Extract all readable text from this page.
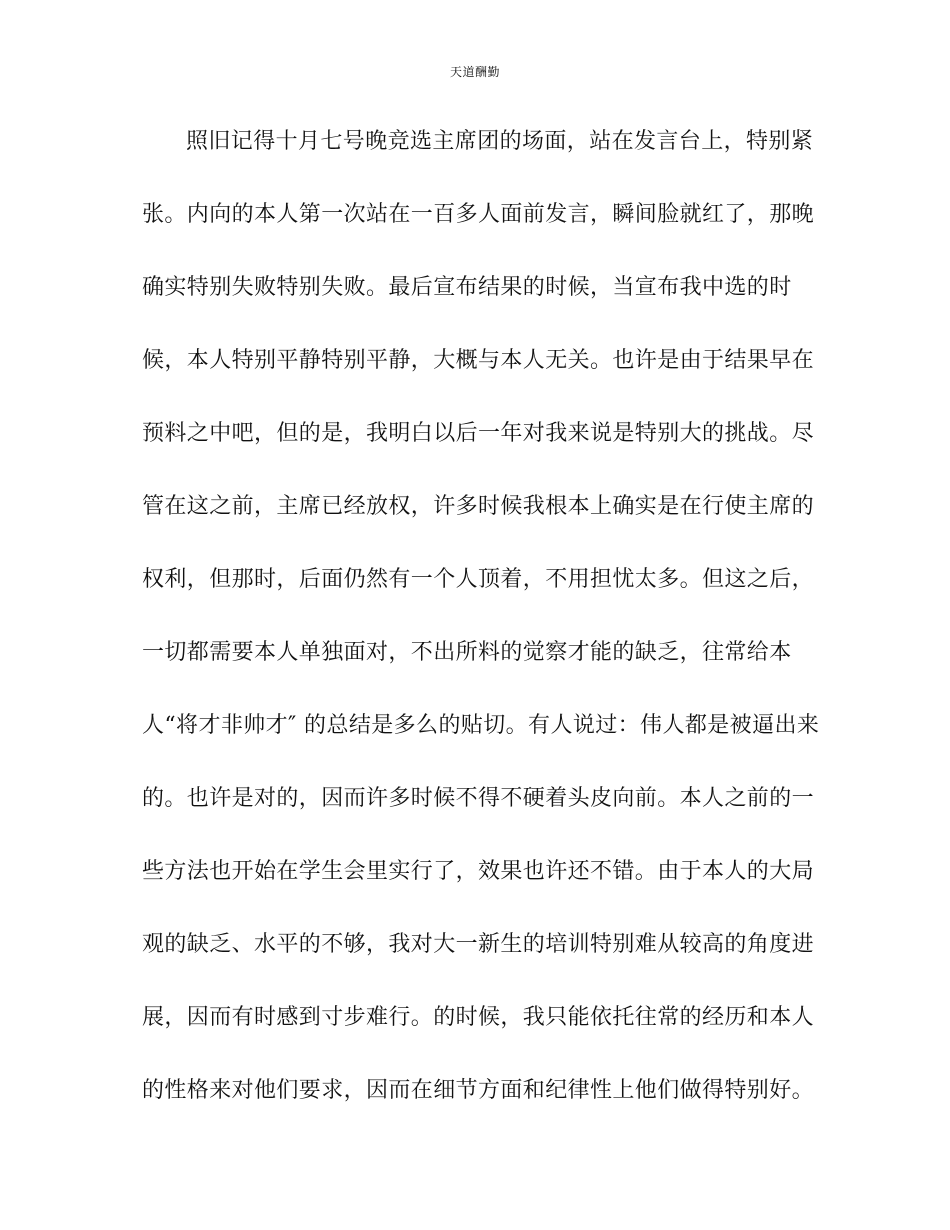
天道酬勤
照旧记得十月七号晚竞选主席团的场面，站在发言台上，特别紧
张。内向的本人第一次站在一百多人面前发言，瞬间脸就红了，那晚
确实特别失败特别失败。最后宣布结果的时候，当宣布我中选的时
候，本人特别平静特别平静，大概与本人无关。也许是由于结果早在
预料之中吧，但的是，我明白以后一年对我来说是特别大的挑战。尽
管在这之前，主席已经放权，许多时候我根本上确实是在行使主席的
权利，但那时，后面仍然有一个人顶着，不用担忧太多。但这之后，
一切都需要本人单独面对，不出所料的觉察才能的缺乏，往常给本
人“将才非帅才″ 的总结是多么的贴切。有人说过：伟人都是被逼出来
的。也许是对的，因而许多时候不得不硬着头皮向前。本人之前的一
些方法也开始在学生会里实行了，效果也许还不错。由于本人的大局
观的缺乏、水平的不够，我对大一新生的培训特别难从较高的角度进
展，因而有时感到寸步难行。的时候，我只能依托往常的经历和本人
的性格来对他们要求，因而在细节方面和纪律性上他们做得特别好。
